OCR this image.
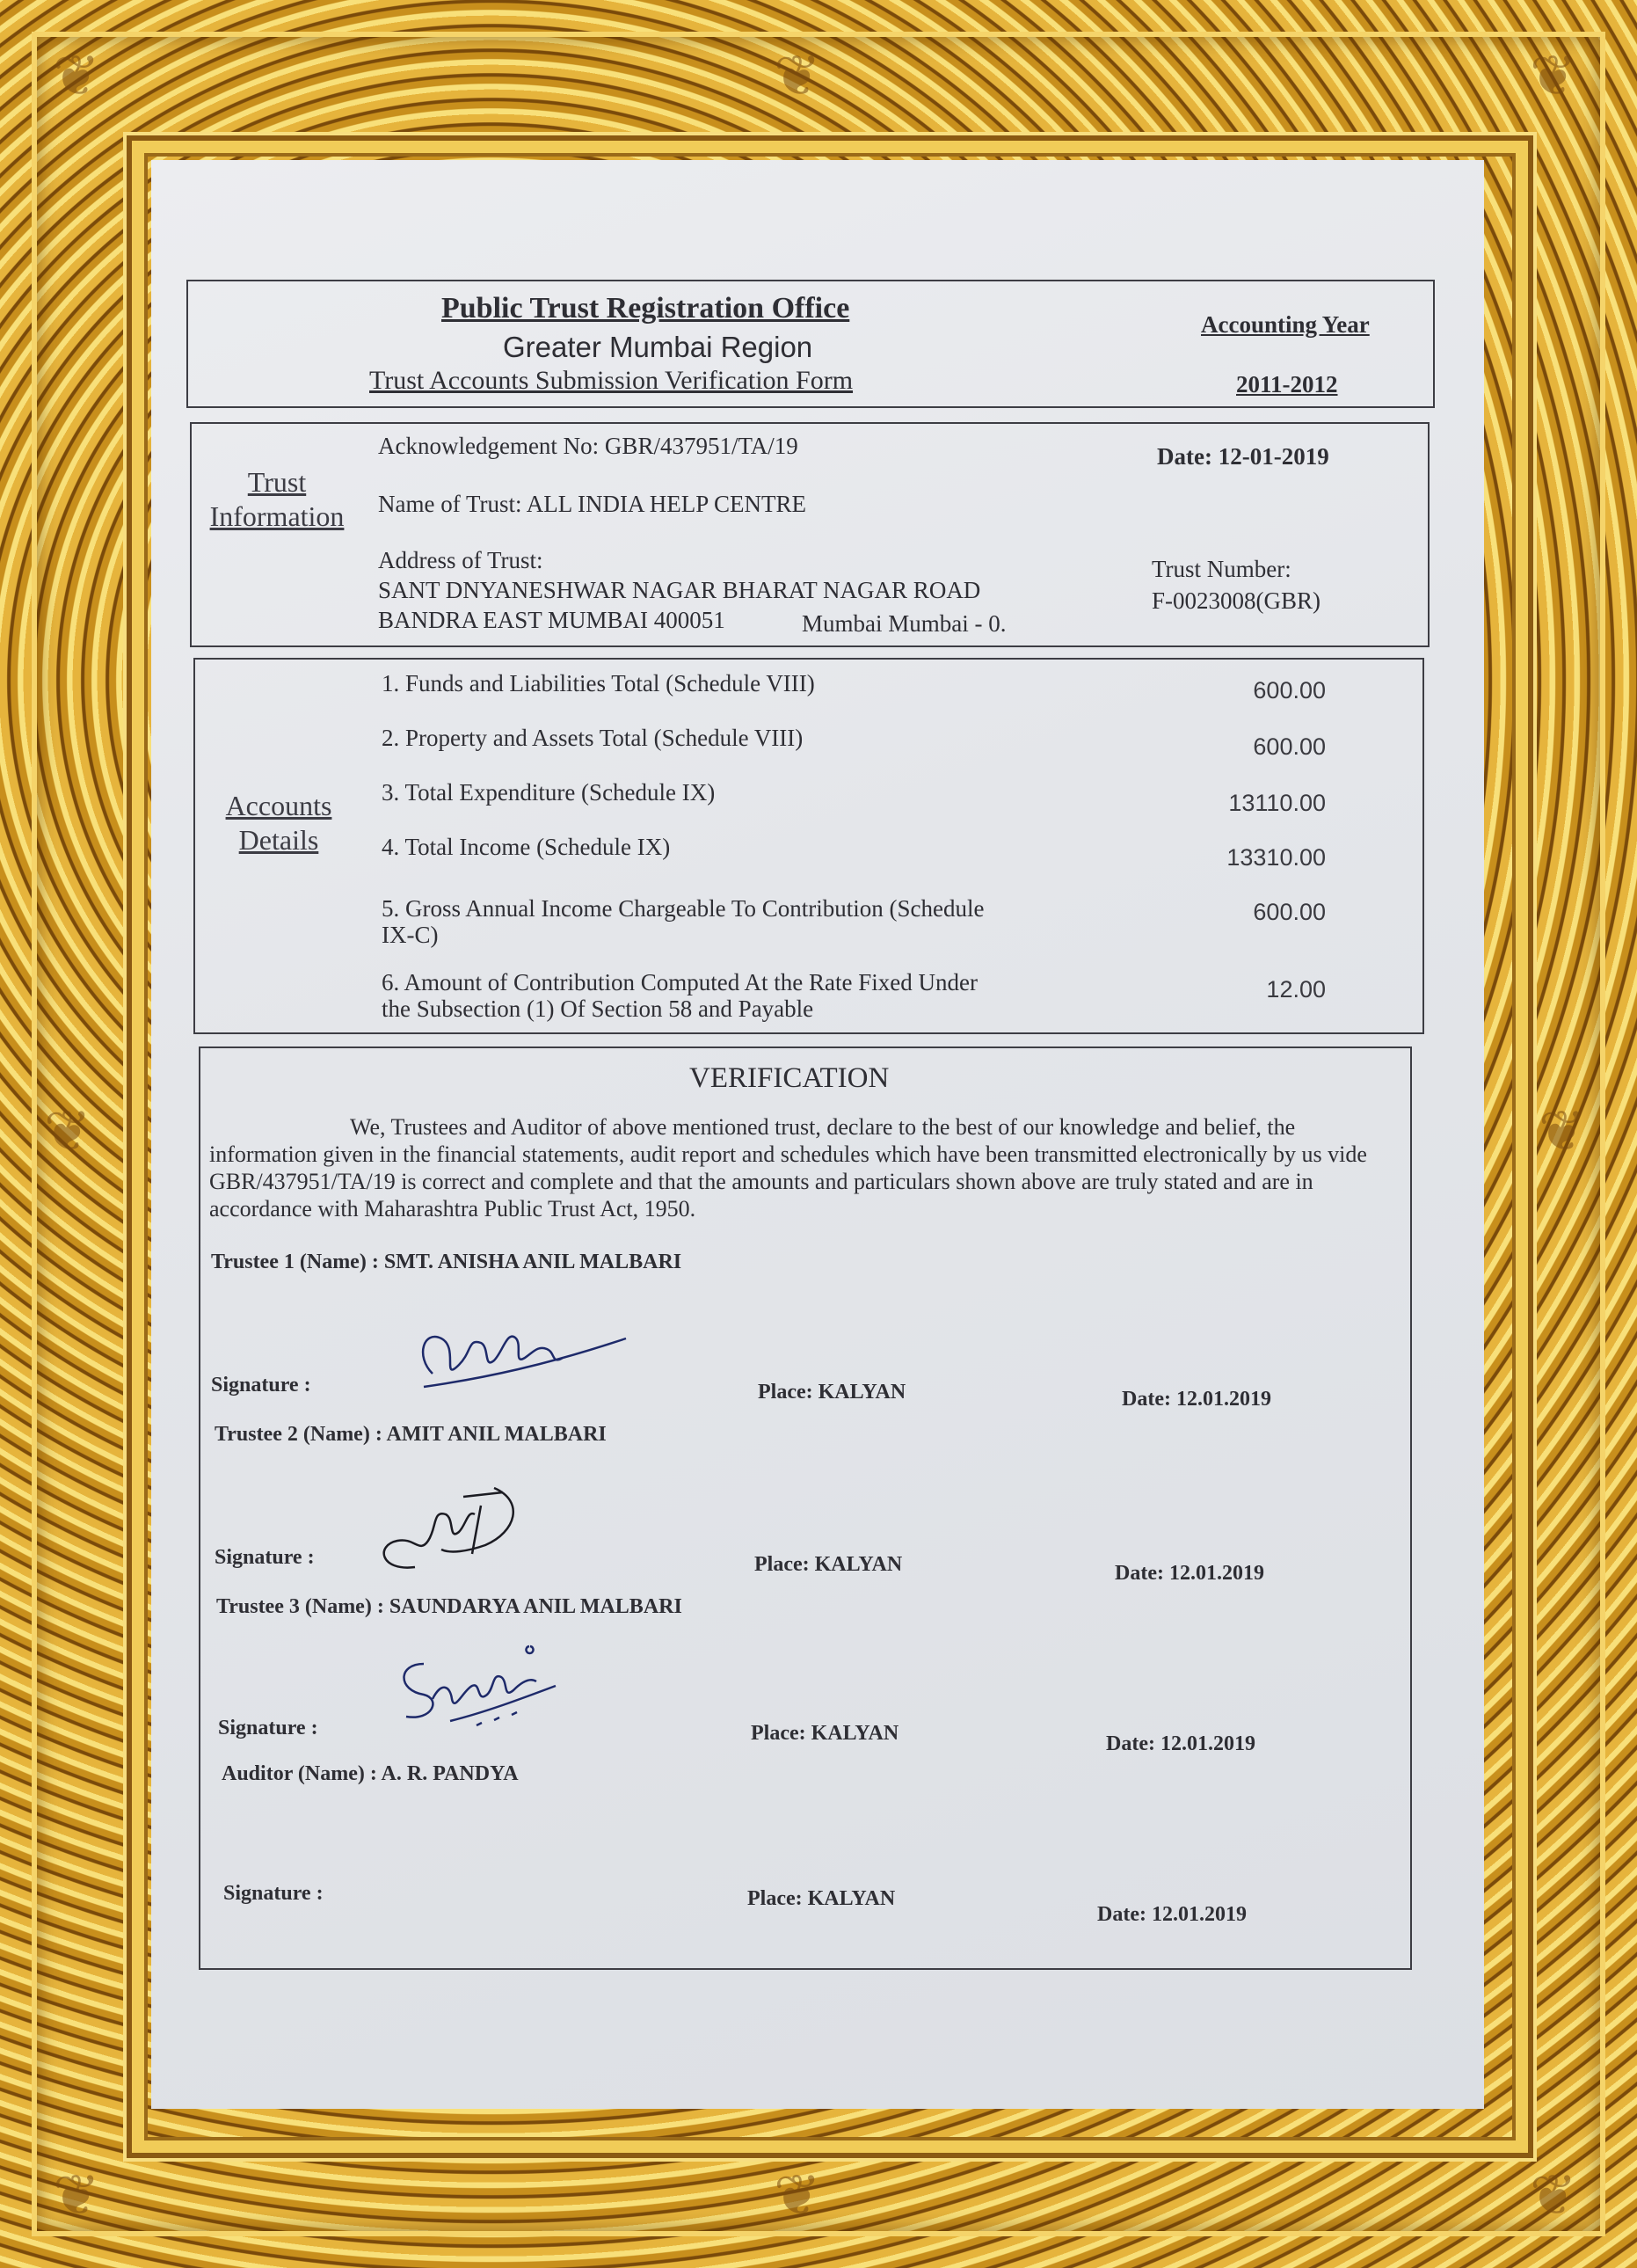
❦	❦	❦
❦	❦	❦
❦	❦
Public Trust Registration Office
Greater Mumbai Region
Trust Accounts Submission Verification Form
Accounting Year
2011-2012
Trust
Information
Acknowledgement No: GBR/437951/TA/19	Date: 12-01-2019
Name of Trust: ALL INDIA HELP CENTRE
Address of Trust:
SANT DNYANESHWAR NAGAR BHARAT NAGAR ROAD
BANDRA EAST MUMBAI 400051	Mumbai Mumbai - 0.
Trust Number:
F-0023008(GBR)
Accounts
Details
1. Funds and Liabilities Total (Schedule VIII)	600.00
2. Property and Assets Total (Schedule VIII)	600.00
3. Total Expenditure (Schedule IX)	13110.00
4. Total Income (Schedule IX)	13310.00
5. Gross Annual Income Chargeable To Contribution (Schedule
IX-C)
600.00
6. Amount of Contribution Computed At the Rate Fixed Under
the Subsection (1) Of Section 58 and Payable
12.00
VERIFICATION
We, Trustees and Auditor of above mentioned trust, declare to the best of our knowledge and belief, the information given in the financial statements, audit report and schedules which have been transmitted electronically by us vide GBR/437951/TA/19 is correct and complete and that the amounts and particulars shown above are truly stated and are in accordance with Maharashtra Public Trust Act, 1950.
Trustee 1 (Name) : SMT. ANISHA ANIL MALBARI
Signature :	Place: KALYAN	Date: 12.01.2019
Trustee 2 (Name) : AMIT ANIL MALBARI
Signature :	Place: KALYAN	Date: 12.01.2019
Trustee 3 (Name) : SAUNDARYA ANIL MALBARI
Signature :	Place: KALYAN	Date: 12.01.2019
Auditor (Name) : A. R. PANDYA
Signature :	Place: KALYAN
Date: 12.01.2019
